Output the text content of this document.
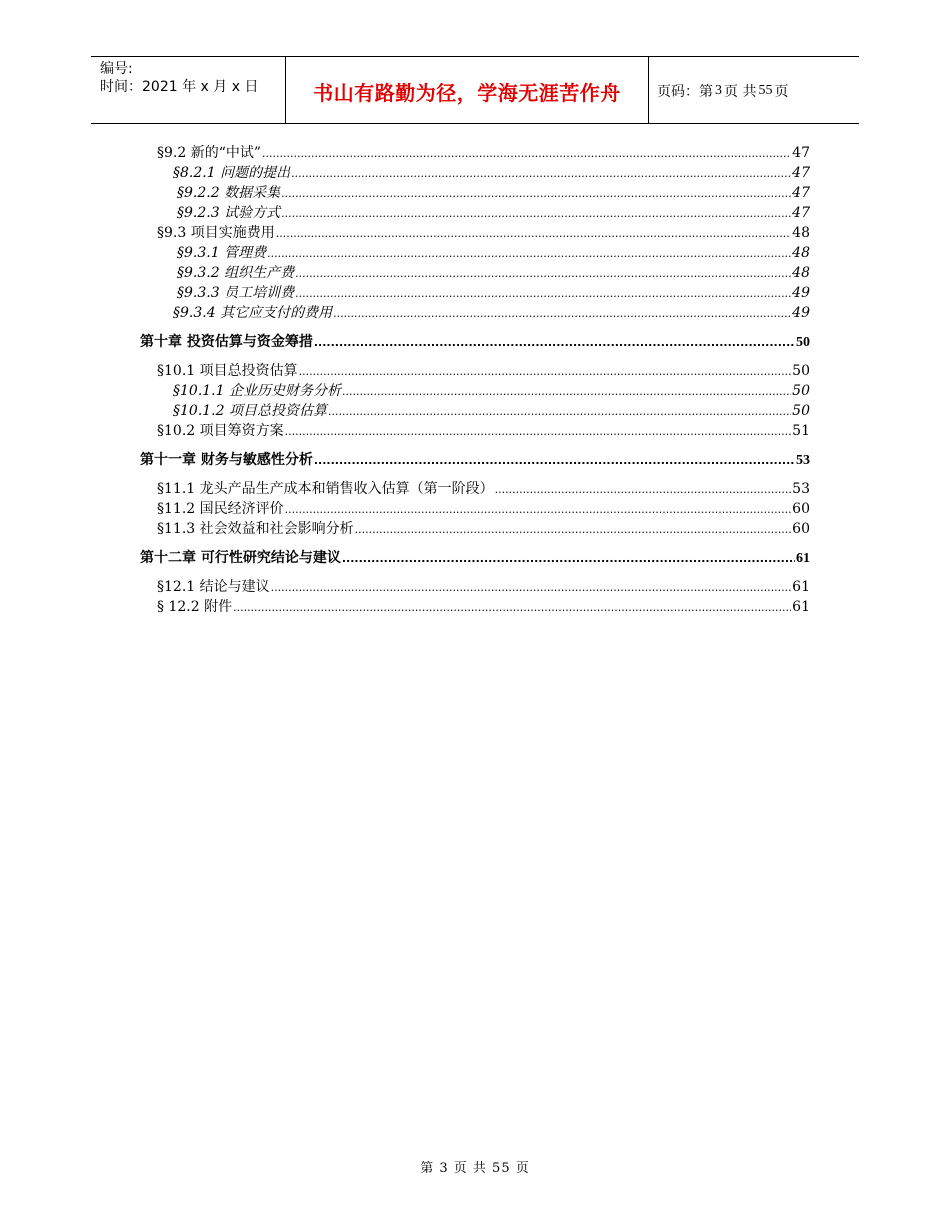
编号:
时间：2021 年 x 月 x 日	书山有路勤为径，学海无涯苦作舟	页码：第 3 页 共 55 页
§9.2 新的“中试” .....	47
§8.2.1 问题的提出 .....	47
§9.2.2 数据采集 .....	47
§9.2.3 试验方式 .....	47
§9.3 项目实施费用 .....	48
§9.3.1 管理费 .....	48
§9.3.2 组织生产费 .....	48
§9.3.3 员工培训费 .....	49
§9.3.4 其它应支付的费用 .....	49
第十章 投资估算与资金筹措 .....	50
§10.1 项目总投资估算 .....	50
§10.1.1 企业历史财务分析 .....	50
§10.1.2 项目总投资估算 .....	50
§10.2 项目筹资方案 .....	51
第十一章 财务与敏感性分析 .....	53
§11.1 龙头产品生产成本和销售收入估算（第一阶段） .....	53
§11.2 国民经济评价 .....	60
§11.3 社会效益和社会影响分析 .....	60
第十二章 可行性研究结论与建议 .....	61
§12.1 结论与建议 .....	61
§ 12.2 附件 .....	61
第 3 页 共 55 页
